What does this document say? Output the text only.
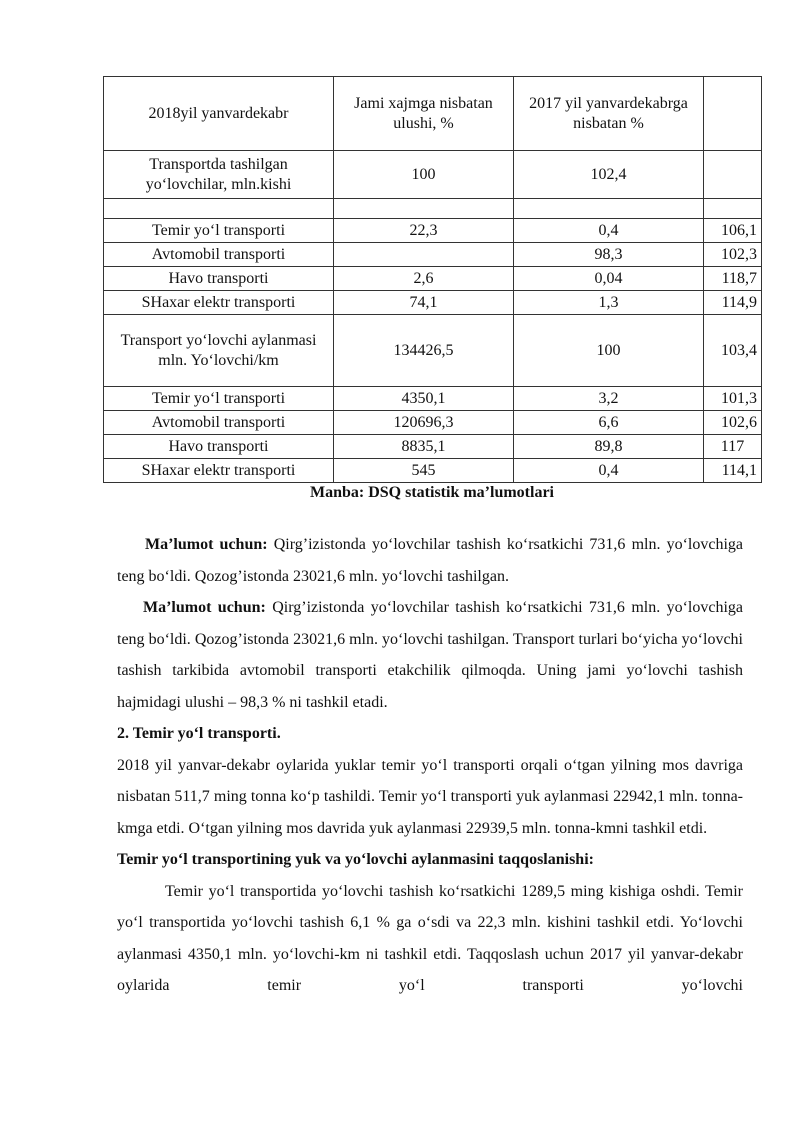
2018yil yanvardekabr	Jami xajmga nisbatan ulushi, %	2017 yil yanvardekabrga nisbatan %	
Transportda tashilgan yo‘lovchilar, mln.kishi	100	102,4	

Temir yo‘l transporti	22,3	0,4	106,1
Avtomobil transporti		98,3	102,3
Havo transporti	2,6	0,04	118,7
SHaxar elektr transporti	74,1	1,3	114,9
Transport yo‘lovchi aylanmasi mln. Yo‘lovchi/km	134426,5	100	103,4
Temir yo‘l transporti	4350,1	3,2	101,3
Avtomobil transporti	120696,3	6,6	102,6
Havo transporti	8835,1	89,8	117
SHaxar elektr transporti	545	0,4	114,1
Manba: DSQ statistik ma’lumotlari

Ma’lumot uchun: Qirg’izistonda yo‘lovchilar tashish ko‘rsatkichi 731,6 mln. yo‘lovchiga teng bo‘ldi. Qozog’istonda 23021,6 mln. yo‘lovchi tashilgan.

Ma’lumot uchun: Qirg’izistonda yo‘lovchilar tashish ko‘rsatkichi 731,6 mln. yo‘lovchiga teng bo‘ldi. Qozog’istonda 23021,6 mln. yo‘lovchi tashilgan. Transport turlari bo‘yicha yo‘lovchi tashish tarkibida avtomobil transporti etakchilik qilmoqda. Uning jami yo‘lovchi tashish hajmidagi ulushi – 98,3 % ni tashkil etadi.

2. Temir yo‘l transporti.

2018 yil yanvar-dekabr oylarida yuklar temir yo‘l transporti orqali o‘tgan yilning mos davriga nisbatan 511,7 ming tonna ko‘p tashildi. Temir yo‘l transporti yuk aylanmasi 22942,1 mln. tonna-kmga etdi. O‘tgan yilning mos davrida yuk aylanmasi 22939,5 mln. tonna-kmni tashkil etdi.

Temir yo‘l transportining yuk va yo‘lovchi aylanmasini taqqoslanishi:

Temir yo‘l transportida yo‘lovchi tashish ko‘rsatkichi 1289,5 ming kishiga oshdi. Temir yo‘l transportida yo‘lovchi tashish 6,1 % ga o‘sdi va 22,3 mln. kishini tashkil etdi. Yo‘lovchi aylanmasi 4350,1 mln. yo‘lovchi-km ni tashkil etdi. Taqqoslash uchun 2017 yil yanvar-dekabr oylarida temir yo‘l transporti yo‘lovchi
